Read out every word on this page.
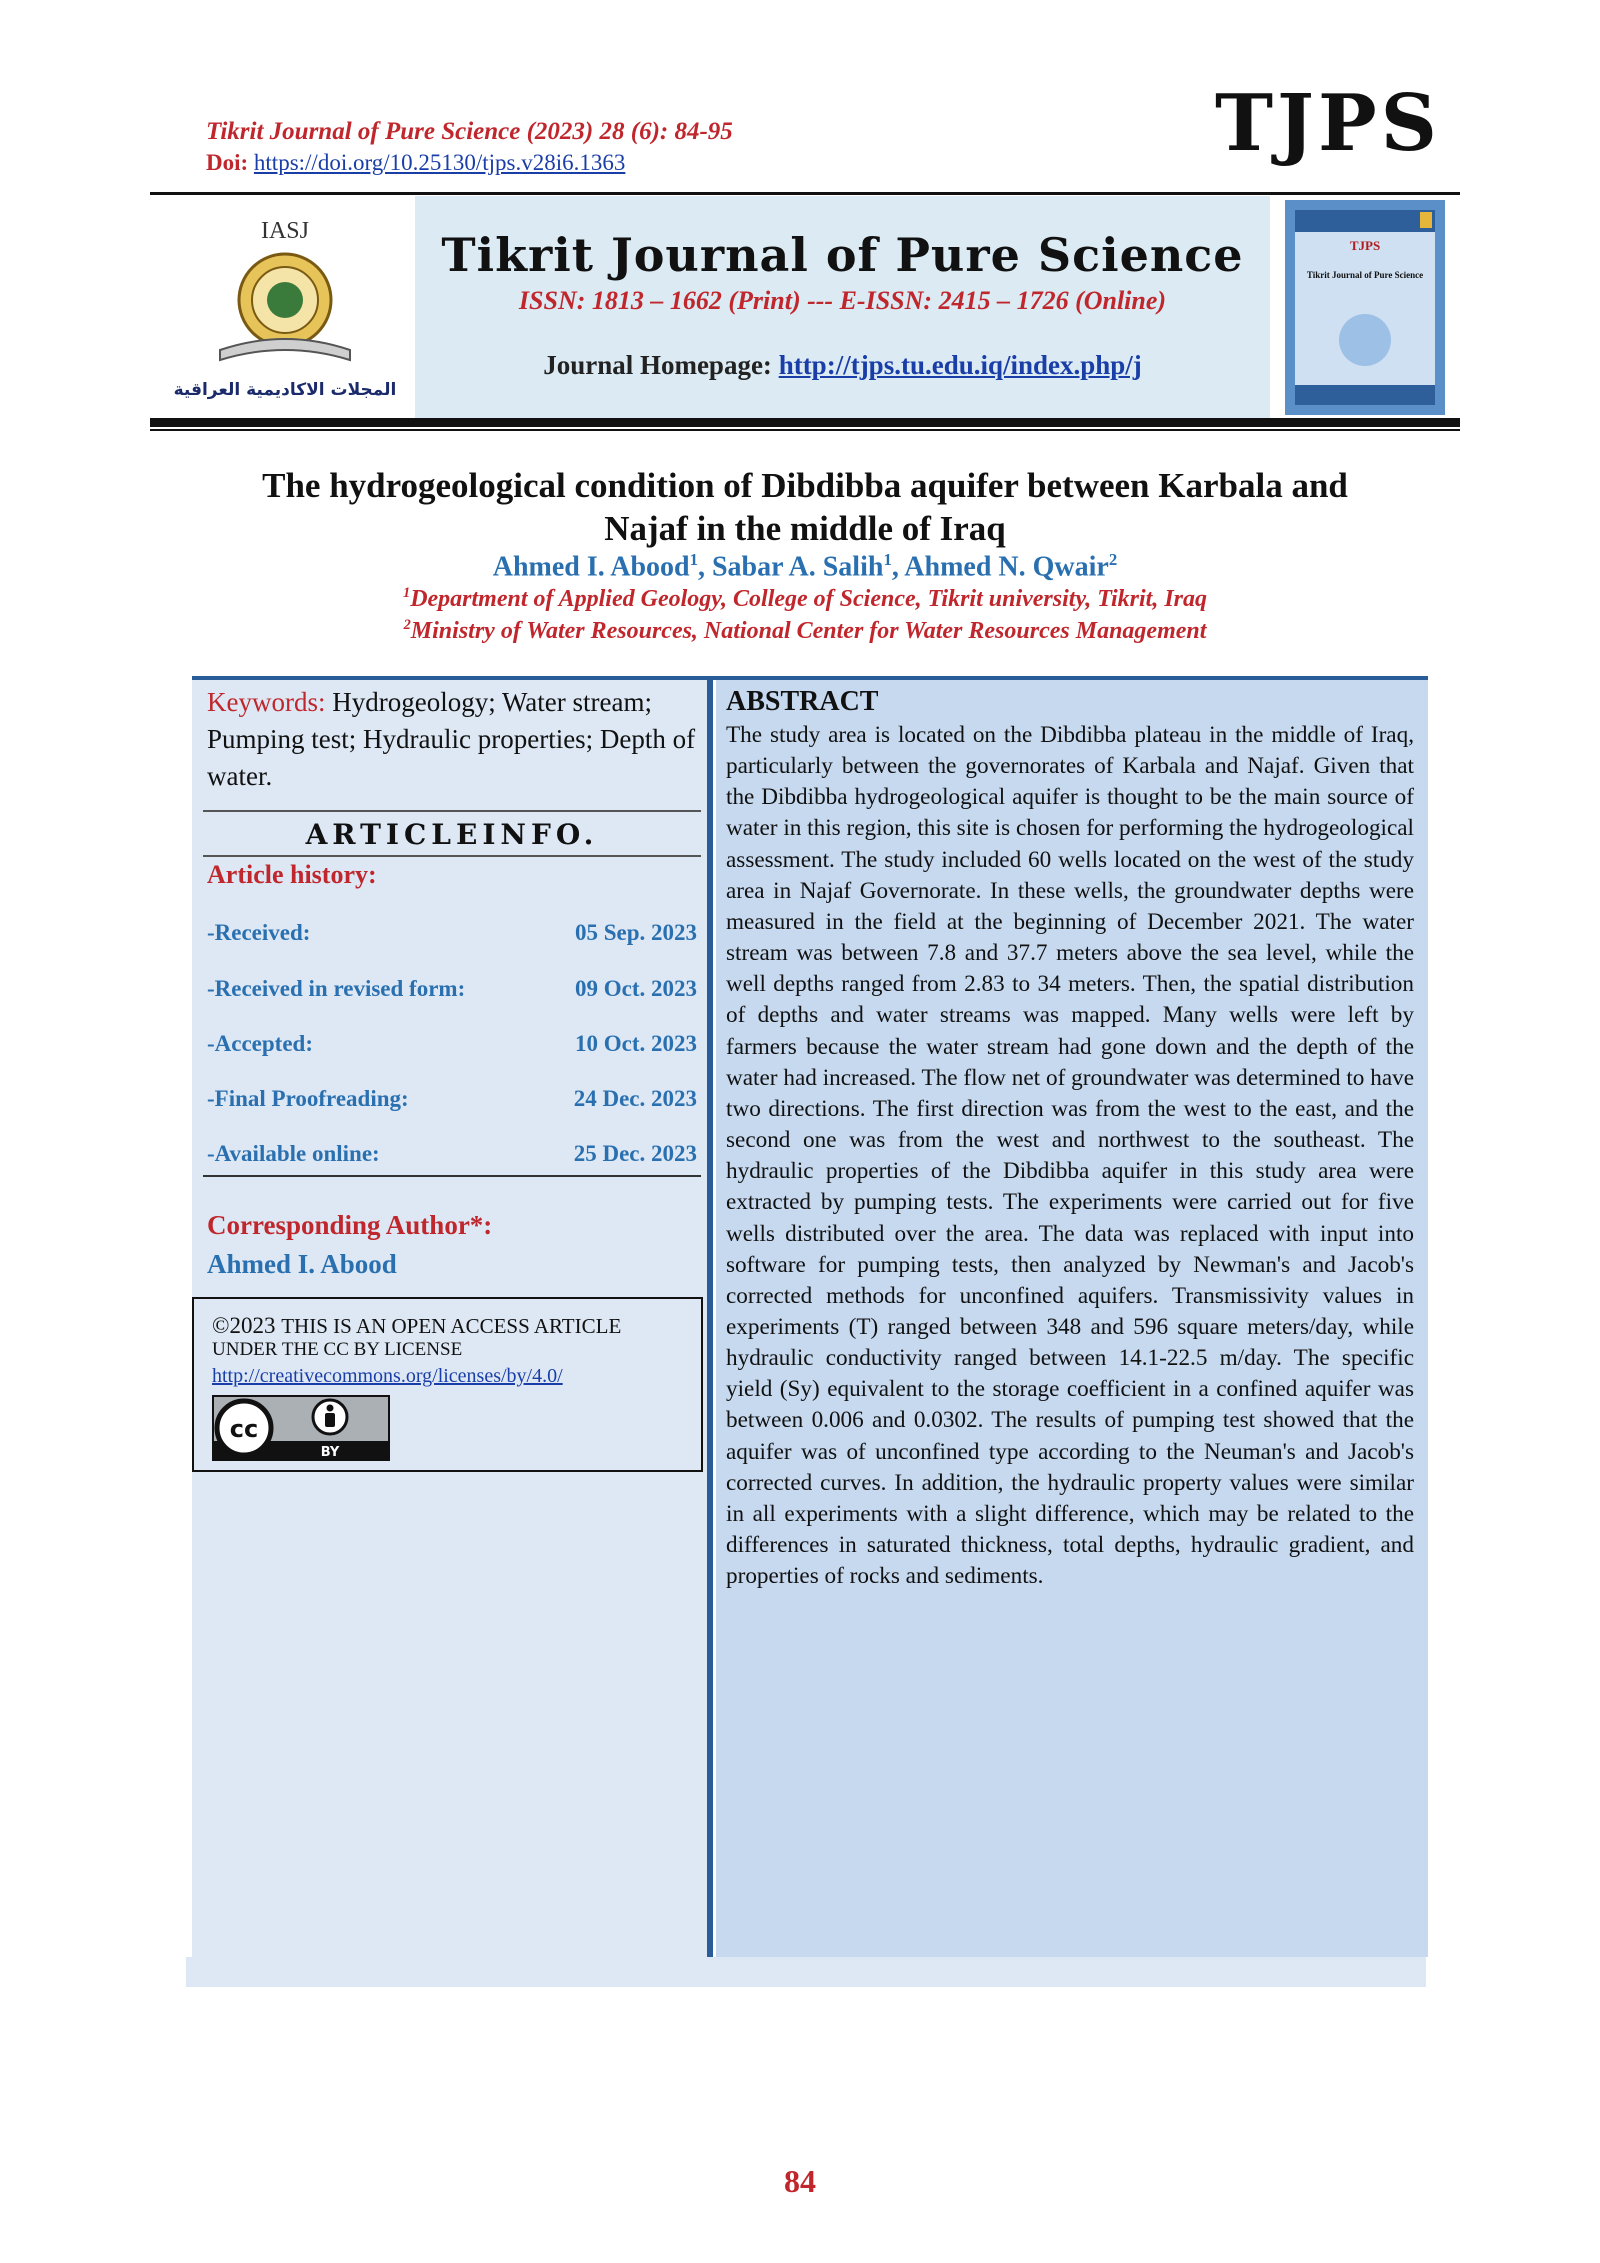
Tikrit Journal of Pure Science (2023) 28 (6): 84-95
Doi: https://doi.org/10.25130/tjps.v28i6.1363	TJPS
IASJ
المجلات الاكاديمية العراقية
Tikrit Journal of Pure Science
ISSN: 1813 – 1662 (Print) --- E-ISSN: 2415 – 1726 (Online)
Journal Homepage: http://tjps.tu.edu.iq/index.php/j
TJPS
Tikrit Journal of Pure Science
The hydrogeological condition of Dibdibba aquifer between Karbala and
Najaf in the middle of Iraq
Ahmed I. Abood$^1$, Sabar A. Salih$^1$, Ahmed N. Qwair$^2$
$^1$Department of Applied Geology, College of Science, Tikrit university, Tikrit, Iraq
$^2$Ministry of Water Resources, National Center for Water Resources Management
Keywords: Hydrogeology; Water stream; Pumping test; Hydraulic properties; Depth of water.
ARTICLEINFO.
Article history:
-Received:	05 Sep. 2023
-Received in revised form:	09 Oct. 2023
-Accepted:	10 Oct. 2023
-Final Proofreading:	24 Dec. 2023
-Available online:	25 Dec. 2023
Corresponding Author*:
Ahmed I. Abood
©2023 THIS IS AN OPEN ACCESS ARTICLE
UNDER THE CC BY LICENSE
http://creativecommons.org/licenses/by/4.0/
cc
BY
ABSTRACT
The study area is located on the Dibdibba plateau in the middle of Iraq, particularly between the governorates of Karbala and Najaf. Given that the Dibdibba hydrogeological aquifer is thought to be the main source of water in this region, this site is chosen for performing the hydrogeological assessment. The study included 60 wells located on the west of the study area in Najaf Governorate. In these wells, the groundwater depths were measured in the field at the beginning of December 2021. The water stream was between 7.8 and 37.7 meters above the sea level, while the well depths ranged from 2.83 to 34 meters. Then, the spatial distribution of depths and water streams was mapped. Many wells were left by farmers because the water stream had gone down and the depth of the water had increased. The flow net of groundwater was determined to have two directions. The first direction was from the west to the east, and the second one was from the west and northwest to the southeast. The hydraulic properties of the Dibdibba aquifer in this study area were extracted by pumping tests. The experiments were carried out for five wells distributed over the area. The data was replaced with input into software for pumping tests, then analyzed by Newman's and Jacob's corrected methods for unconfined aquifers. Transmissivity values in experiments (T) ranged between 348 and 596 square meters/day, while hydraulic conductivity ranged between 14.1-22.5 m/day. The specific yield (Sy) equivalent to the storage coefficient in a confined aquifer was between 0.006 and 0.0302. The results of pumping test showed that the aquifer was of unconfined type according to the Neuman's and Jacob's corrected curves. In addition, the hydraulic property values were similar in all experiments with a slight difference, which may be related to the differences in saturated thickness, total depths, hydraulic gradient, and properties of rocks and sediments.
84
